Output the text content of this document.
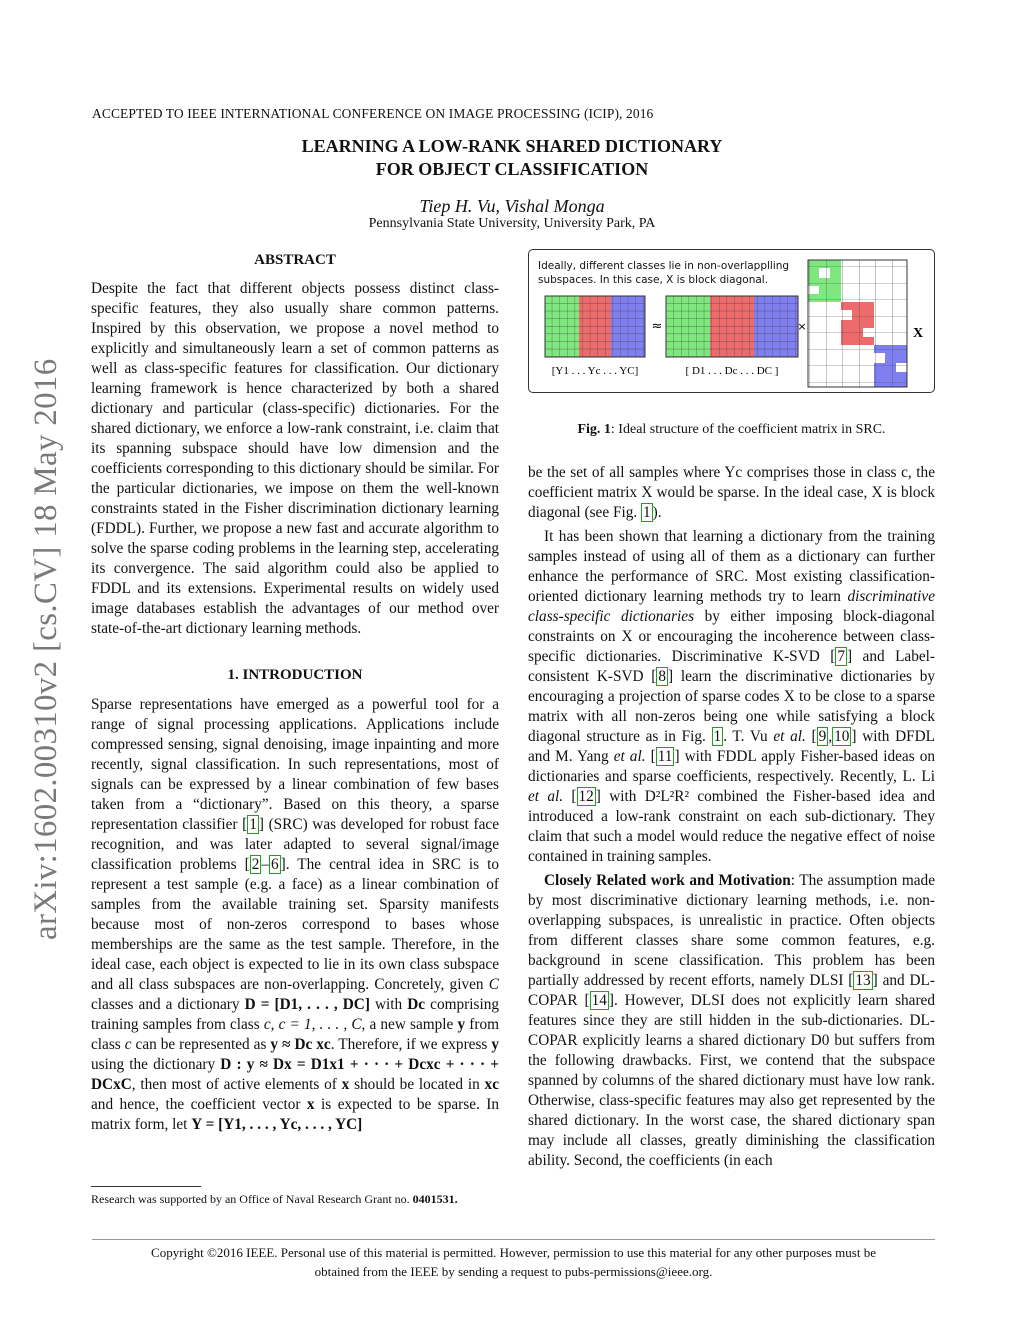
ACCEPTED TO IEEE INTERNATIONAL CONFERENCE ON IMAGE PROCESSING (ICIP), 2016
LEARNING A LOW-RANK SHARED DICTIONARY
FOR OBJECT CLASSIFICATION
Tiep H. Vu, Vishal Monga
Pennsylvania State University, University Park, PA
arXiv:1602.00310v2 [cs.CV] 18 May 2016
ABSTRACT

Despite the fact that different objects possess distinct class-specific features, they also usually share common patterns. Inspired by this observation, we propose a novel method to explicitly and simultaneously learn a set of common patterns as well as class-specific features for classification. Our dictionary learning framework is hence characterized by both a shared dictionary and particular (class-specific) dictionaries. For the shared dictionary, we enforce a low-rank constraint, i.e. claim that its spanning subspace should have low dimension and the coefficients corresponding to this dictionary should be similar. For the particular dictionaries, we impose on them the well-known constraints stated in the Fisher discrimination dictionary learning (FDDL). Further, we propose a new fast and accurate algorithm to solve the sparse coding problems in the learning step, accelerating its convergence. The said algorithm could also be applied to FDDL and its extensions. Experimental results on widely used image databases establish the advantages of our method over state-of-the-art dictionary learning methods.

1. INTRODUCTION

Sparse representations have emerged as a powerful tool for a range of signal processing applications. Applications include compressed sensing, signal denoising, image inpainting and more recently, signal classification. In such representations, most of signals can be expressed by a linear combination of few bases taken from a “dictionary”. Based on this theory, a sparse representation classifier [ 1 ] (SRC) was developed for robust face recognition, and was later adapted to several signal/image classification problems [ 2 – 6 ]. The central idea in SRC is to represent a test sample (e.g. a face) as a linear combination of samples from the available training set. Sparsity manifests because most of non-zeros correspond to bases whose memberships are the same as the test sample. Therefore, in the ideal case, each object is expected to lie in its own class subspace and all class subspaces are non-overlapping. Concretely, given C classes and a dictionary D = [D1, . . . , DC] with Dc comprising training samples from class c, c = 1, . . . , C, a new sample y from class c can be represented as y ≈ Dc xc. Therefore, if we express y using the dictionary D : y ≈ Dx = D1x1 + · · · + Dcxc + · · · + DCxC, then most of active elements of x should be located in xc and hence, the coefficient vector x is expected to be sparse. In matrix form, let Y = [Y1, . . . , Yc, . . . , YC]

Research was supported by an Office of Naval Research Grant no. 0401531.
Ideally, different classes lie in non-overlapplling
subspaces. In this case, X is block diagonal.
≈	×	X
[Y1 . . . Yc . . . YC]	[ D1 . . . Dc . . . DC ]
Fig. 1: Ideal structure of the coefficient matrix in SRC.

be the set of all samples where Yc comprises those in class c, the coefficient matrix X would be sparse. In the ideal case, X is block diagonal (see Fig. 1 ).

It has been shown that learning a dictionary from the training samples instead of using all of them as a dictionary can further enhance the performance of SRC. Most existing classification-oriented dictionary learning methods try to learn discriminative class-specific dictionaries by either imposing block-diagonal constraints on X or encouraging the incoherence between class-specific dictionaries. Discriminative K-SVD [ 7 ] and Label-consistent K-SVD [ 8 ] learn the discriminative dictionaries by encouraging a projection of sparse codes X to be close to a sparse matrix with all non-zeros being one while satisfying a block diagonal structure as in Fig. 1 . T. Vu et al. [ 9 , 10 ] with DFDL and M. Yang et al. [ 11 ] with FDDL apply Fisher-based ideas on dictionaries and sparse coefficients, respectively. Recently, L. Li et al. [ 12 ] with D²L²R² combined the Fisher-based idea and introduced a low-rank constraint on each sub-dictionary. They claim that such a model would reduce the negative effect of noise contained in training samples.

Closely Related work and Motivation: The assumption made by most discriminative dictionary learning methods, i.e. non-overlapping subspaces, is unrealistic in practice. Often objects from different classes share some common features, e.g. background in scene classification. This problem has been partially addressed by recent efforts, namely DLSI [ 13 ] and DL-COPAR [ 14 ]. However, DLSI does not explicitly learn shared features since they are still hidden in the sub-dictionaries. DL-COPAR explicitly learns a shared dictionary D0 but suffers from the following drawbacks. First, we contend that the subspace spanned by columns of the shared dictionary must have low rank. Otherwise, class-specific features may also get represented by the shared dictionary. In the worst case, the shared dictionary span may include all classes, greatly diminishing the classification ability. Second, the coefficients (in each

Copyright ©2016 IEEE. Personal use of this material is permitted. However, permission to use this material for any other purposes must be
obtained from the IEEE by sending a request to pubs-permissions@ieee.org.
